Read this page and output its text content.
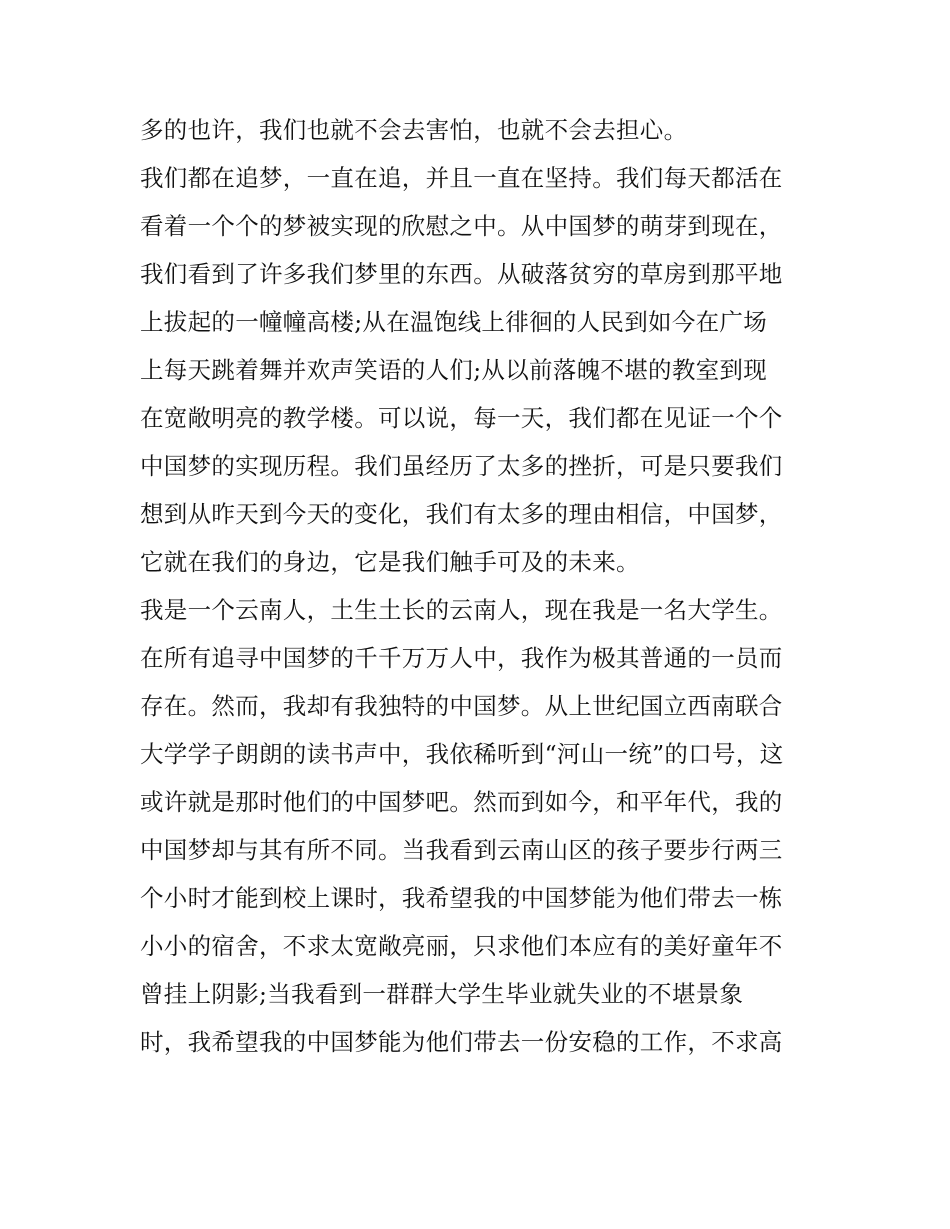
多的也许，我们也就不会去害怕，也就不会去担心。
我们都在追梦，一直在追，并且一直在坚持。我们每天都活在
看着一个个的梦被实现的欣慰之中。从中国梦的萌芽到现在，
我们看到了许多我们梦里的东西。从破落贫穷的草房到那平地
上拔起的一幢幢高楼;从在温饱线上徘徊的人民到如今在广场
上每天跳着舞并欢声笑语的人们;从以前落魄不堪的教室到现
在宽敞明亮的教学楼。可以说，每一天，我们都在见证一个个
中国梦的实现历程。我们虽经历了太多的挫折，可是只要我们
想到从昨天到今天的变化，我们有太多的理由相信，中国梦，
它就在我们的身边，它是我们触手可及的未来。
我是一个云南人，土生土长的云南人，现在我是一名大学生。
在所有追寻中国梦的千千万万人中，我作为极其普通的一员而
存在。然而，我却有我独特的中国梦。从上世纪国立西南联合
大学学子朗朗的读书声中，我依稀听到“河山一统”的口号，这
或许就是那时他们的中国梦吧。然而到如今，和平年代，我的
中国梦却与其有所不同。当我看到云南山区的孩子要步行两三
个小时才能到校上课时，我希望我的中国梦能为他们带去一栋
小小的宿舍，不求太宽敞亮丽，只求他们本应有的美好童年不
曾挂上阴影;当我看到一群群大学生毕业就失业的不堪景象
时，我希望我的中国梦能为他们带去一份安稳的工作，不求高
